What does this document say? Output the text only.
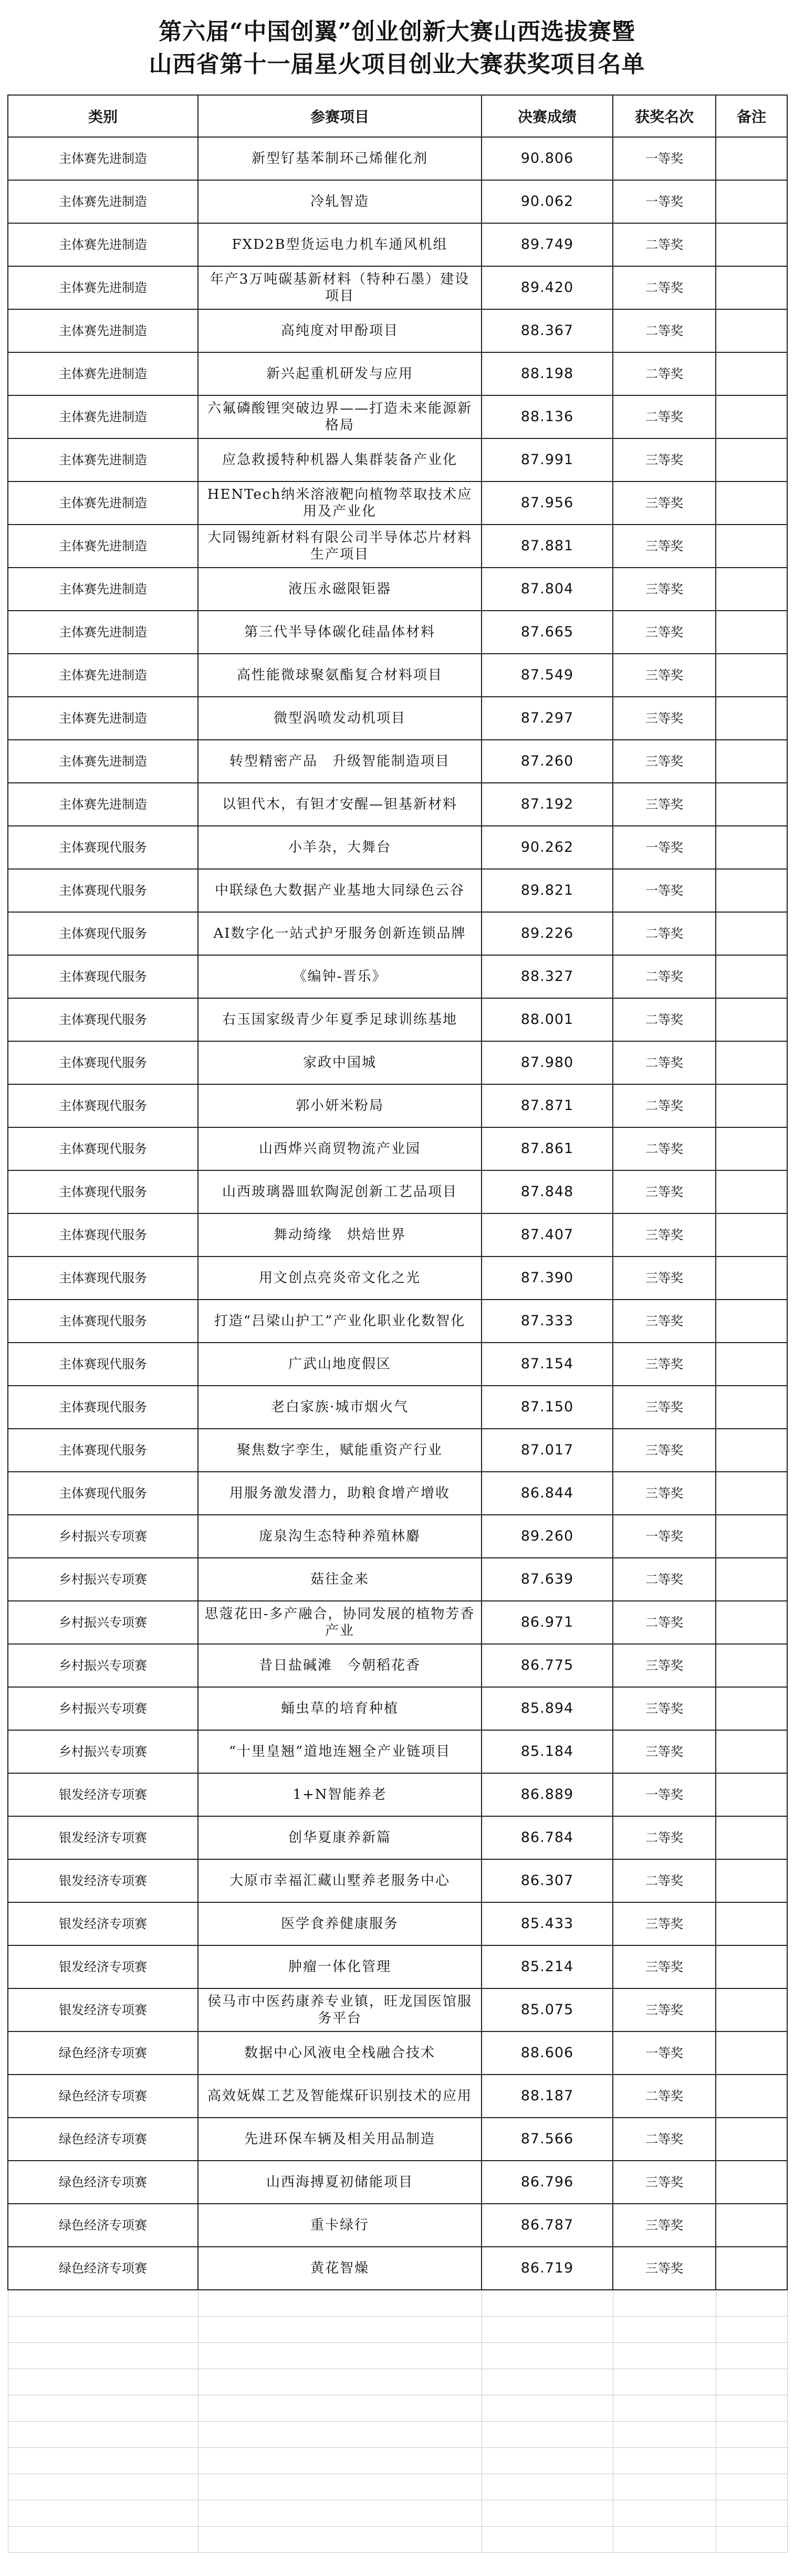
第六届“中国创翼”创业创新大赛山西选拔赛暨
山西省第十一届星火项目创业大赛获奖项目名单
类别	参赛项目	决赛成绩	获奖名次	备注
主体赛先进制造	新型钌基苯制环己烯催化剂	90.806	一等奖	
主体赛先进制造	冷轧智造	90.062	一等奖	
主体赛先进制造	FXD2B型货运电力机车通风机组	89.749	二等奖	
主体赛先进制造	年产3万吨碳基新材料（特种石墨）建设项目	89.420	二等奖	
主体赛先进制造	高纯度对甲酚项目	88.367	二等奖	
主体赛先进制造	新兴起重机研发与应用	88.198	二等奖	
主体赛先进制造	六氟磷酸锂突破边界——打造未来能源新格局	88.136	二等奖	
主体赛先进制造	应急救援特种机器人集群装备产业化	87.991	三等奖	
主体赛先进制造	HENTech纳米溶液靶向植物萃取技术应用及产业化	87.956	三等奖	
主体赛先进制造	大同锡纯新材料有限公司半导体芯片材料生产项目	87.881	三等奖	
主体赛先进制造	液压永磁限钜器	87.804	三等奖	
主体赛先进制造	第三代半导体碳化硅晶体材料	87.665	三等奖	
主体赛先进制造	高性能微球聚氨酯复合材料项目	87.549	三等奖	
主体赛先进制造	微型涡喷发动机项目	87.297	三等奖	
主体赛先进制造	转型精密产品　升级智能制造项目	87.260	三等奖	
主体赛先进制造	以钽代木，有钽才安醒—钽基新材料	87.192	三等奖	
主体赛现代服务	小羊杂，大舞台	90.262	一等奖	
主体赛现代服务	中联绿色大数据产业基地大同绿色云谷	89.821	一等奖	
主体赛现代服务	AI数字化一站式护牙服务创新连锁品牌	89.226	二等奖	
主体赛现代服务	《编钟-晋乐》	88.327	二等奖	
主体赛现代服务	右玉国家级青少年夏季足球训练基地	88.001	二等奖	
主体赛现代服务	家政中国城	87.980	二等奖	
主体赛现代服务	郭小妍米粉局	87.871	二等奖	
主体赛现代服务	山西烨兴商贸物流产业园	87.861	二等奖	
主体赛现代服务	山西玻璃器皿软陶泥创新工艺品项目	87.848	三等奖	
主体赛现代服务	舞动绮缘　烘焙世界	87.407	三等奖	
主体赛现代服务	用文创点亮炎帝文化之光	87.390	三等奖	
主体赛现代服务	打造“吕梁山护工”产业化职业化数智化	87.333	三等奖	
主体赛现代服务	广武山地度假区	87.154	三等奖	
主体赛现代服务	老白家族·城市烟火气	87.150	三等奖	
主体赛现代服务	聚焦数字孪生，赋能重资产行业	87.017	三等奖	
主体赛现代服务	用服务激发潜力，助粮食增产增收	86.844	三等奖	
乡村振兴专项赛	庞泉沟生态特种养殖林麝	89.260	一等奖	
乡村振兴专项赛	菇往金来	87.639	二等奖	
乡村振兴专项赛	思蔻花田-多产融合，协同发展的植物芳香产业	86.971	二等奖	
乡村振兴专项赛	昔日盐碱滩　今朝稻花香	86.775	三等奖	
乡村振兴专项赛	蛹虫草的培育种植	85.894	三等奖	
乡村振兴专项赛	“十里皇翘”道地连翘全产业链项目	85.184	三等奖	
银发经济专项赛	1+N智能养老	86.889	一等奖	
银发经济专项赛	创华夏康养新篇	86.784	二等奖	
银发经济专项赛	大原市幸福汇藏山墅养老服务中心	86.307	二等奖	
银发经济专项赛	医学食养健康服务	85.433	三等奖	
银发经济专项赛	肿瘤一体化管理	85.214	三等奖	
银发经济专项赛	侯马市中医药康养专业镇，旺龙国医馆服务平台	85.075	三等奖	
绿色经济专项赛	数据中心风液电全栈融合技术	88.606	一等奖	
绿色经济专项赛	高效妩媒工艺及智能煤矸识别技术的应用	88.187	二等奖	
绿色经济专项赛	先进环保车辆及相关用品制造	87.566	二等奖	
绿色经济专项赛	山西海搏夏初储能项目	86.796	三等奖	
绿色经济专项赛	重卡绿行	86.787	三等奖	
绿色经济专项赛	黄花智燥	86.719	三等奖	
